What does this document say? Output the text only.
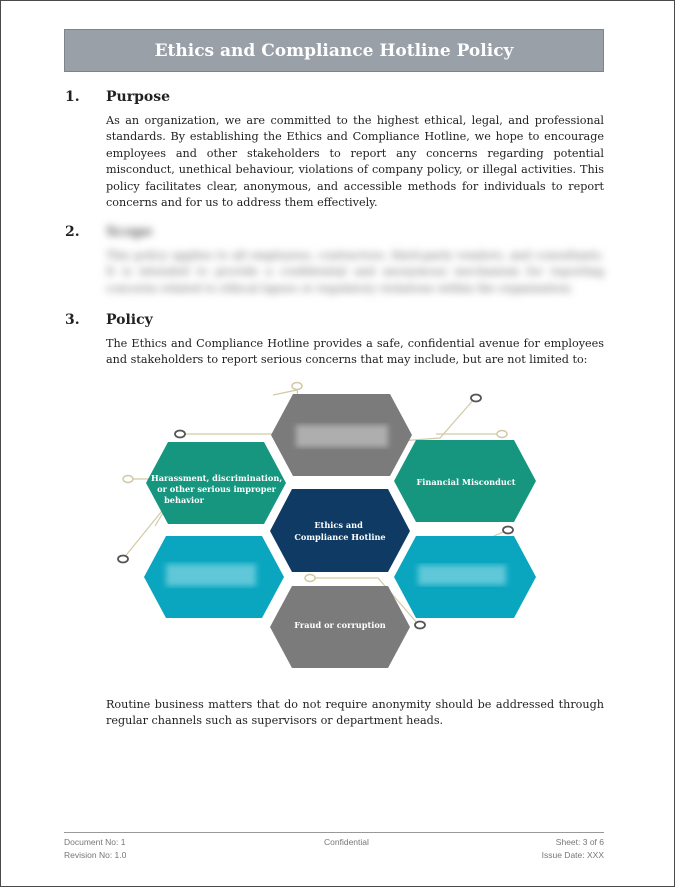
Ethics and Compliance Hotline Policy
1. Purpose
As an organization, we are committed to the highest ethical, legal, and professional standards. By establishing the Ethics and Compliance Hotline, we hope to encourage employees and other stakeholders to report any concerns regarding potential misconduct, unethical behaviour, violations of company policy, or illegal activities. This policy facilitates clear, anonymous, and accessible methods for individuals to report concerns and for us to address them effectively.
2. Scope
This policy applies to all employees, contractors, third-party vendors, and consultants. It is intended to provide a confidential and anonymous mechanism for reporting concerns related to ethical lapses or regulatory violations within the organization.
3. Policy
The Ethics and Compliance Hotline provides a safe, confidential avenue for employees and stakeholders to report serious concerns that may include, but are not limited to:
Harassment, discrimination, or other serious improper behavior
Financial Misconduct
Ethics and Compliance Hotline
Fraud or corruption
Routine business matters that do not require anonymity should be addressed through regular channels such as supervisors or department heads.
Document No: 1
Revision No: 1.0
Confidential	Sheet: 3 of 6
Issue Date: XXX
